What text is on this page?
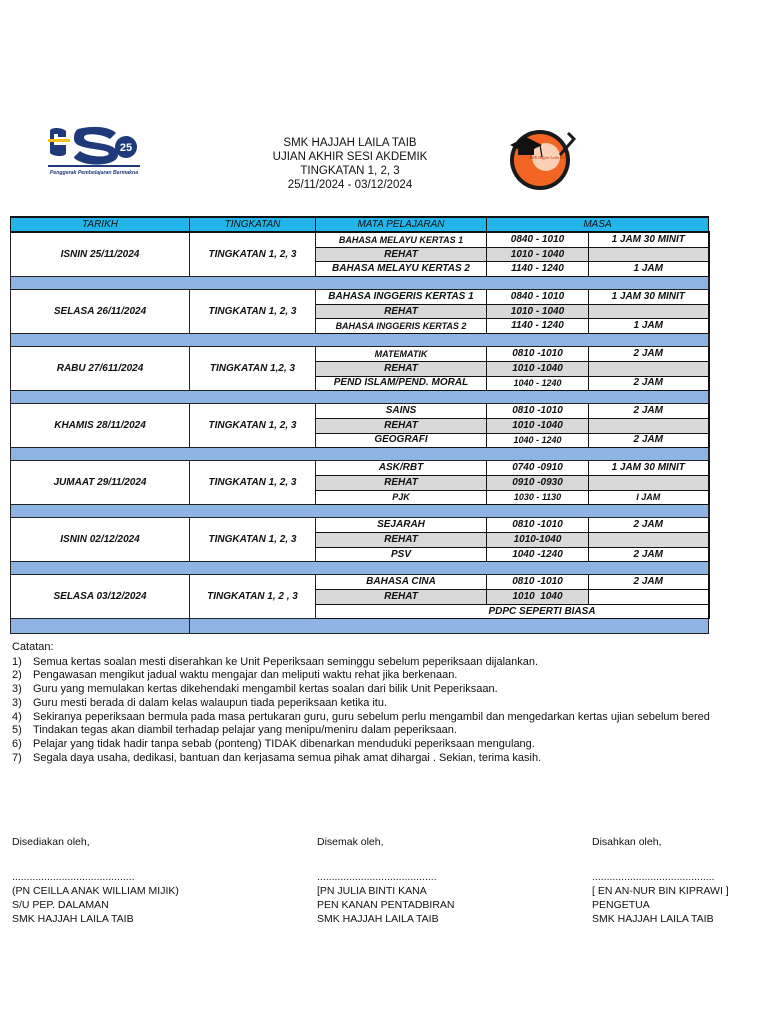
25
Penggerak Pembelajaran Bermakna
SMK HAJJAH LAILA TAIB
UJIAN AKHIR SESI AKDEMIK
TINGKATAN 1, 2, 3
25/11/2024 - 03/12/2024
SMK Hajjah Laila Taib
TARIKH	TINGKATAN	MATA PELAJARAN	MASA	
ISNIN 25/11/2024	TINGKATAN 1, 2, 3	BAHASA MELAYU KERTAS 1	0840 - 1010	1 JAM 30 MINIT
		REHAT	1010 - 1040	
		BAHASA MELAYU KERTAS 2	1140 - 1240	1 JAM

SELASA 26/11/2024	TINGKATAN 1, 2, 3	BAHASA INGGERIS KERTAS 1	0840 - 1010	1 JAM 30 MINIT
		REHAT	1010 - 1040	
		BAHASA INGGERIS KERTAS 2	1140 - 1240	1 JAM

RABU 27/611/2024	TINGKATAN 1,2, 3	MATEMATIK	0810 -1010	2 JAM
		REHAT	1010 -1040	
		PEND ISLAM/PEND. MORAL	1040 - 1240	2 JAM

KHAMIS 28/11/2024	TINGKATAN 1, 2, 3	SAINS	0810 -1010	2 JAM
		REHAT	1010 -1040	
		GEOGRAFI	1040 - 1240	2 JAM

JUMAAT 29/11/2024	TINGKATAN 1, 2, 3	ASK/RBT	0740 -0910	1 JAM 30 MINIT
		REHAT	0910 -0930	
		PJK	1030 - 1130	I JAM

ISNIN 02/12/2024	TINGKATAN 1, 2, 3	SEJARAH	0810 -1010	2 JAM
		REHAT	1010-1040	
		PSV	1040 -1240	2 JAM

SELASA 03/12/2024	TINGKATAN 1, 2 , 3	BAHASA CINA	0810 -1010	2 JAM
		REHAT	1010  1040	
			PDPC SEPERTI BIASA	

Catatan:
1)	Semua kertas soalan mesti diserahkan ke Unit Peperiksaan seminggu sebelum peperiksaan dijalankan.
2)	Pengawasan mengikut jadual waktu mengajar dan meliputi waktu rehat jika berkenaan.
3)	Guru yang memulakan kertas dikehendaki mengambil kertas soalan dari bilik Unit Peperiksaan.
3)	Guru mesti berada di dalam kelas walaupun tiada peperiksaan ketika itu.
4)	Sekiranya peperiksaan bermula pada masa pertukaran guru, guru sebelum perlu mengambil dan mengedarkan kertas ujian sebelum bered
5)	Tindakan tegas akan diambil terhadap pelajar yang menipu/meniru dalam peperiksaan.
6)	Pelajar yang tidak hadir tanpa sebab (ponteng) TIDAK dibenarkan menduduki peperiksaan mengulang.
7)	Segala daya usaha, dedikasi, bantuan dan kerjasama semua pihak amat dihargai . Sekian, terima kasih.
Disediakan oleh,
..........................................
(PN CEILLA ANAK WILLIAM MIJIK)
S/U PEP. DALAMAN
SMK HAJJAH LAILA TAIB
Disemak oleh,
.........................................
[PN JULIA BINTI KANA
PEN KANAN PENTADBIRAN
SMK HAJJAH LAILA TAIB
Disahkan oleh,
..........................................
[ EN AN-NUR BIN KIPRAWI ]
PENGETUA
SMK HAJJAH LAILA TAIB
